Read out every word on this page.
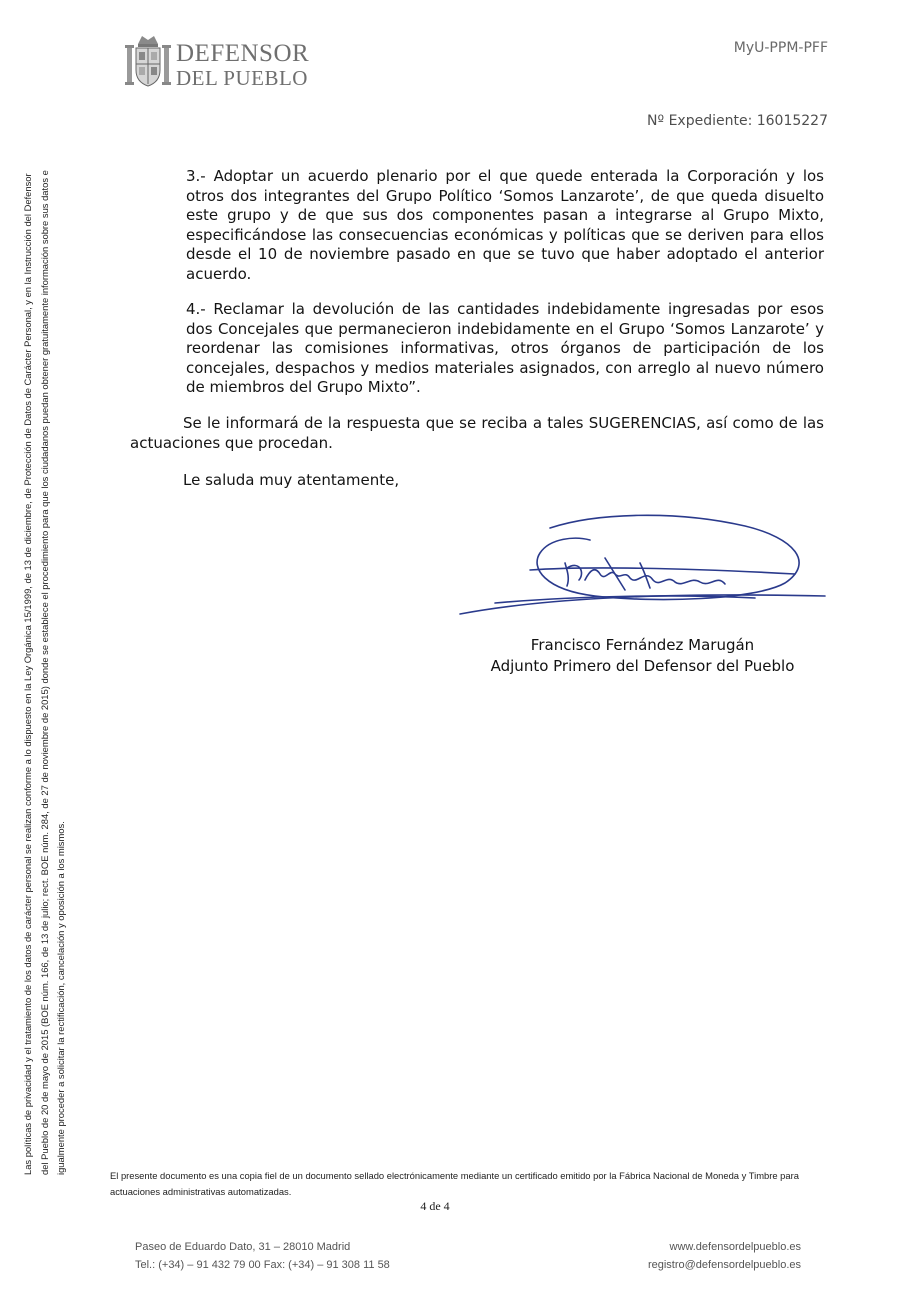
DEFENSOR
DEL PUEBLO
MyU-PPM-PFF
Nº Expediente: 16015227
Las políticas de privacidad y el tratamiento de los datos de carácter personal se realizan conforme a lo dispuesto en la Ley Orgánica 15/1999, de 13 de diciembre, de Protección de Datos de Carácter Personal, y en la Instrucción del Defensor del Pueblo de 20 de mayo de 2015 (BOE núm. 166, de 13 de julio; rect. BOE núm. 284, de 27 de noviembre de 2015) donde se establece el procedimiento para que los ciudadanos puedan obtener gratuitamente información sobre sus datos e igualmente proceder a solicitar la rectificación, cancelación y oposición a los mismos.

3.- Adoptar un acuerdo plenario por el que quede enterada la Corporación y los otros dos integrantes del Grupo Político ‘Somos Lanzarote’, de que queda disuelto este grupo y de que sus dos componentes pasan a integrarse al Grupo Mixto, especificándose las consecuencias económicas y políticas que se deriven para ellos desde el 10 de noviembre pasado en que se tuvo que haber adoptado el anterior acuerdo.

4.- Reclamar la devolución de las cantidades indebidamente ingresadas por esos dos Concejales que permanecieron indebidamente en el Grupo ‘Somos Lanzarote’ y reordenar las comisiones informativas, otros órganos de participación de los concejales, despachos y medios materiales asignados, con arreglo al nuevo número de miembros del Grupo Mixto”.

Se le informará de la respuesta que se reciba a tales SUGERENCIAS, así como de las actuaciones que procedan.

Le saluda muy atentamente,
Francisco Fernández Marugán
Adjunto Primero del Defensor del Pueblo
El presente documento es una copia fiel de un documento sellado electrónicamente mediante un certificado emitido por la Fábrica Nacional de Moneda y Timbre para actuaciones administrativas automatizadas.
4 de 4
Paseo de Eduardo Dato, 31 – 28010 Madrid
Tel.: (+34) – 91 432 79 00 Fax: (+34) – 91 308 11 58
www.defensordelpueblo.es
registro@defensordelpueblo.es
